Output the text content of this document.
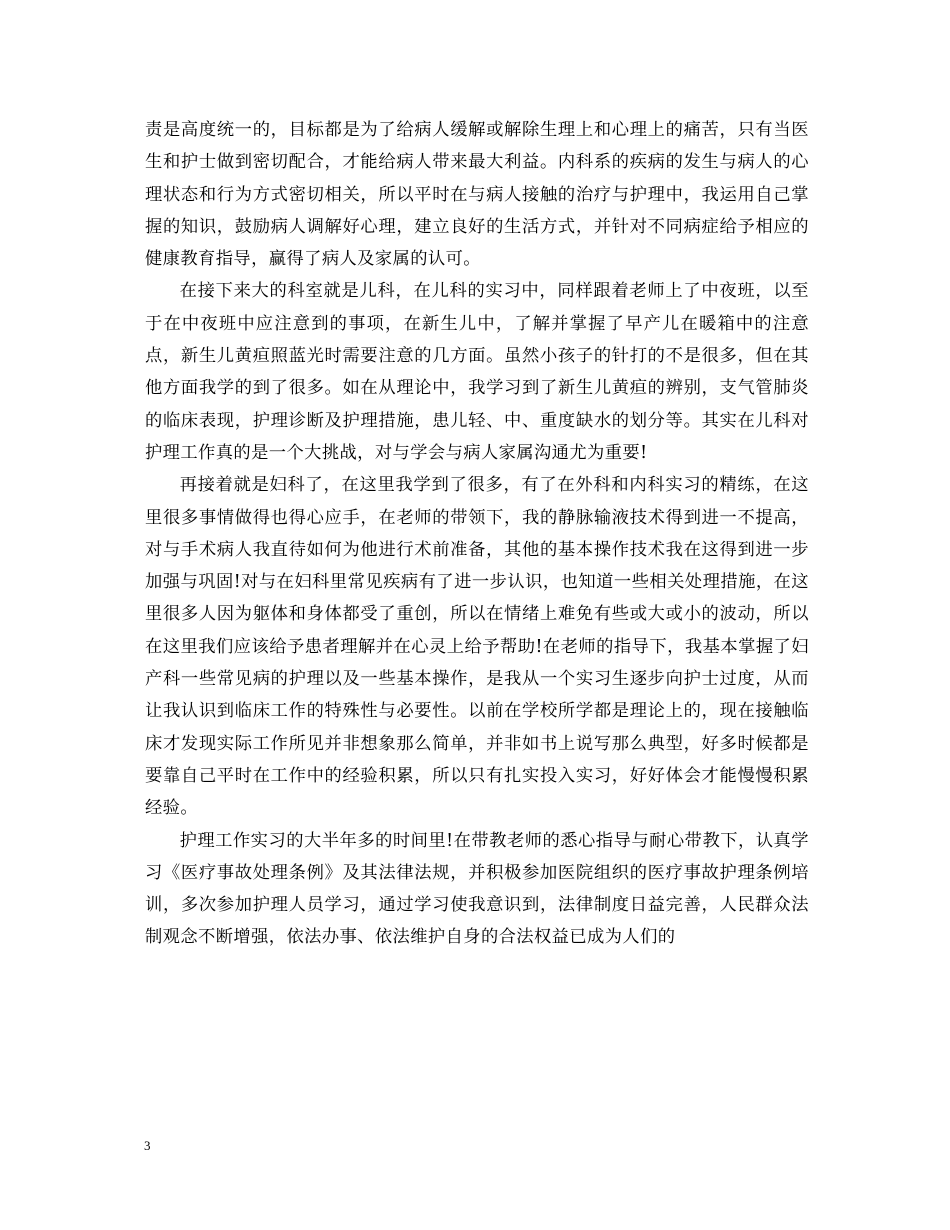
责是高度统一的，目标都是为了给病人缓解或解除生理上和心理上的痛苦，只有当医生和护士做到密切配合，才能给病人带来最大利益。内科系的疾病的发生与病人的心理状态和行为方式密切相关，所以平时在与病人接触的治疗与护理中，我运用自己掌握的知识，鼓励病人调解好心理，建立良好的生活方式，并针对不同病症给予相应的健康教育指导，赢得了病人及家属的认可。

在接下来大的科室就是儿科，在儿科的实习中，同样跟着老师上了中夜班，以至于在中夜班中应注意到的事项，在新生儿中，了解并掌握了早产儿在暖箱中的注意点，新生儿黄疸照蓝光时需要注意的几方面。虽然小孩子的针打的不是很多，但在其他方面我学的到了很多。如在从理论中，我学习到了新生儿黄疸的辨别，支气管肺炎的临床表现，护理诊断及护理措施，患儿轻、中、重度缺水的划分等。其实在儿科对护理工作真的是一个大挑战，对与学会与病人家属沟通尤为重要!

再接着就是妇科了，在这里我学到了很多，有了在外科和内科实习的精练，在这里很多事情做得也得心应手，在老师的带领下，我的静脉输液技术得到进一不提高，对与手术病人我直待如何为他进行术前准备，其他的基本操作技术我在这得到进一步加强与巩固!对与在妇科里常见疾病有了进一步认识，也知道一些相关处理措施，在这里很多人因为躯体和身体都受了重创，所以在情绪上难免有些或大或小的波动，所以在这里我们应该给予患者理解并在心灵上给予帮助!在老师的指导下，我基本掌握了妇产科一些常见病的护理以及一些基本操作，是我从一个实习生逐步向护士过度，从而让我认识到临床工作的特殊性与必要性。以前在学校所学都是理论上的，现在接触临床才发现实际工作所见并非想象那么简单，并非如书上说写那么典型，好多时候都是要靠自己平时在工作中的经验积累，所以只有扎实投入实习，好好体会才能慢慢积累经验。

护理工作实习的大半年多的时间里!在带教老师的悉心指导与耐心带教下，认真学习《医疗事故处理条例》及其法律法规，并积极参加医院组织的医疗事故护理条例培训，多次参加护理人员学习，通过学习使我意识到，法律制度日益完善，人民群众法制观念不断增强，依法办事、依法维护自身的合法权益已成为人们的

3
